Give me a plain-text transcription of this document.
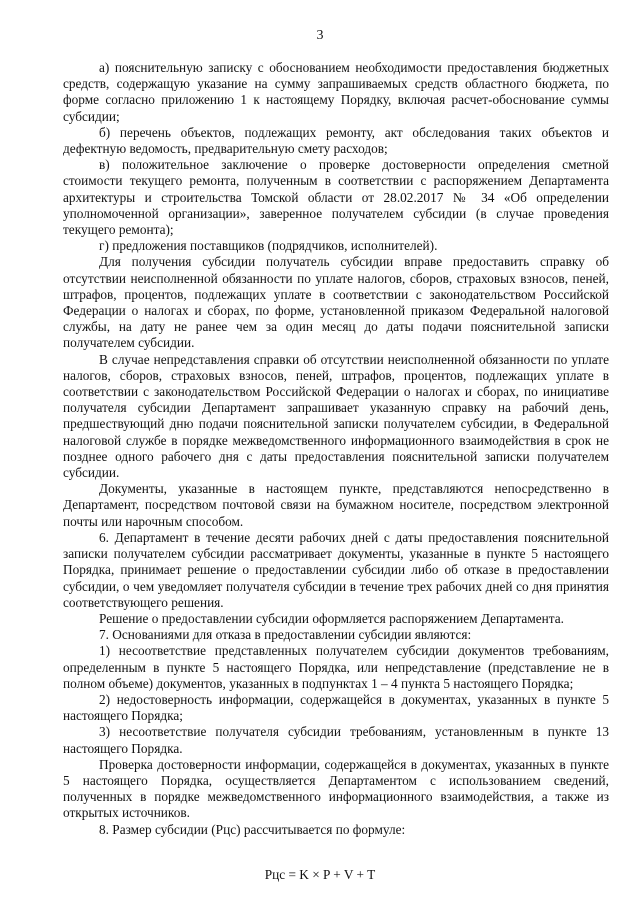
3

а) пояснительную записку с обоснованием необходимости предоставления бюджетных средств, содержащую указание на сумму запрашиваемых средств областного бюджета, по форме согласно приложению 1 к настоящему Порядку, включая расчет-обоснование суммы субсидии;

б) перечень объектов, подлежащих ремонту, акт обследования таких объектов и дефектную ведомость, предварительную смету расходов;

в) положительное заключение о проверке достоверности определения сметной стоимости текущего ремонта, полученным в соответствии с распоряжением Департамента архитектуры и строительства Томской области от 28.02.2017 № 34 «Об определении уполномоченной организации», заверенное получателем субсидии (в случае проведения текущего ремонта);

г) предложения поставщиков (подрядчиков, исполнителей).

Для получения субсидии получатель субсидии вправе предоставить справку об отсутствии неисполненной обязанности по уплате налогов, сборов, страховых взносов, пеней, штрафов, процентов, подлежащих уплате в соответствии с законодательством Российской Федерации о налогах и сборах, по форме, установленной приказом Федеральной налоговой службы, на дату не ранее чем за один месяц до даты подачи пояснительной записки получателем субсидии.

В случае непредставления справки об отсутствии неисполненной обязанности по уплате налогов, сборов, страховых взносов, пеней, штрафов, процентов, подлежащих уплате в соответствии с законодательством Российской Федерации о налогах и сборах, по инициативе получателя субсидии Департамент запрашивает указанную справку на рабочий день, предшествующий дню подачи пояснительной записки получателем субсидии, в Федеральной налоговой службе в порядке межведомственного информационного взаимодействия в срок не позднее одного рабочего дня с даты предоставления пояснительной записки получателем субсидии.

Документы, указанные в настоящем пункте, представляются непосредственно в Департамент, посредством почтовой связи на бумажном носителе, посредством электронной почты или нарочным способом.

6. Департамент в течение десяти рабочих дней с даты предоставления пояснительной записки получателем субсидии рассматривает документы, указанные в пункте 5 настоящего Порядка, принимает решение о предоставлении субсидии либо об отказе в предоставлении субсидии, о чем уведомляет получателя субсидии в течение трех рабочих дней со дня принятия соответствующего решения.

Решение о предоставлении субсидии оформляется распоряжением Департамента.

7. Основаниями для отказа в предоставлении субсидии являются:

1) несоответствие представленных получателем субсидии документов требованиям, определенным в пункте 5 настоящего Порядка, или непредставление (представление не в полном объеме) документов, указанных в подпунктах 1 – 4 пункта 5 настоящего Порядка;

2) недостоверность информации, содержащейся в документах, указанных в пункте 5 настоящего Порядка;

3) несоответствие получателя субсидии требованиям, установленным в пункте 13 настоящего Порядка.

Проверка достоверности информации, содержащейся в документах, указанных в пункте 5 настоящего Порядка, осуществляется Департаментом с использованием сведений, полученных в порядке межведомственного информационного взаимодействия, а также из открытых источников.

8. Размер субсидии (Рцс) рассчитывается по формуле:

Рцс = K × P + V + T
